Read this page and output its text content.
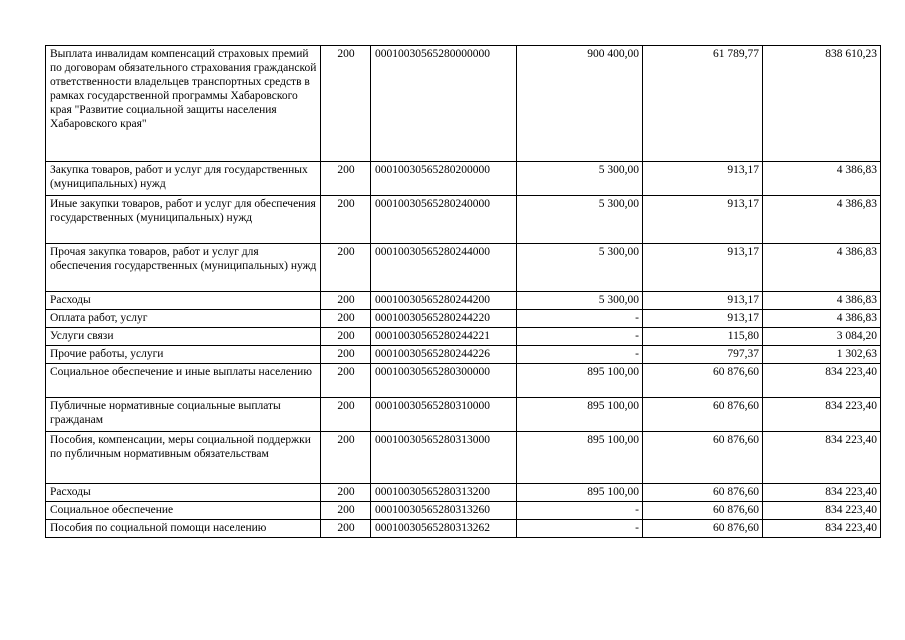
Выплата инвалидам компенсаций страховых премий по договорам обязательного страхования гражданской ответственности владельцев транспортных средств в рамках государственной программы Хабаровского края "Развитие социальной защиты населения Хабаровского края"	200	00010030565280000000	900 400,00	61 789,77	838 610,23
Закупка товаров, работ и услуг для государственных (муниципальных) нужд	200	00010030565280200000	5 300,00	913,17	4 386,83
Иные закупки товаров, работ и услуг для обеспечения государственных (муниципальных) нужд	200	00010030565280240000	5 300,00	913,17	4 386,83
Прочая закупка товаров, работ и услуг для обеспечения государственных (муниципальных) нужд	200	00010030565280244000	5 300,00	913,17	4 386,83
Расходы	200	00010030565280244200	5 300,00	913,17	4 386,83
Оплата работ, услуг	200	00010030565280244220	-	913,17	4 386,83
Услуги связи	200	00010030565280244221	-	115,80	3 084,20
Прочие работы, услуги	200	00010030565280244226	-	797,37	1 302,63
Социальное обеспечение и иные выплаты населению	200	00010030565280300000	895 100,00	60 876,60	834 223,40
Публичные нормативные социальные выплаты гражданам	200	00010030565280310000	895 100,00	60 876,60	834 223,40
Пособия, компенсации, меры социальной поддержки по публичным нормативным обязательствам	200	00010030565280313000	895 100,00	60 876,60	834 223,40
Расходы	200	00010030565280313200	895 100,00	60 876,60	834 223,40
Социальное обеспечение	200	00010030565280313260	-	60 876,60	834 223,40
Пособия по социальной помощи населению	200	00010030565280313262	-	60 876,60	834 223,40
